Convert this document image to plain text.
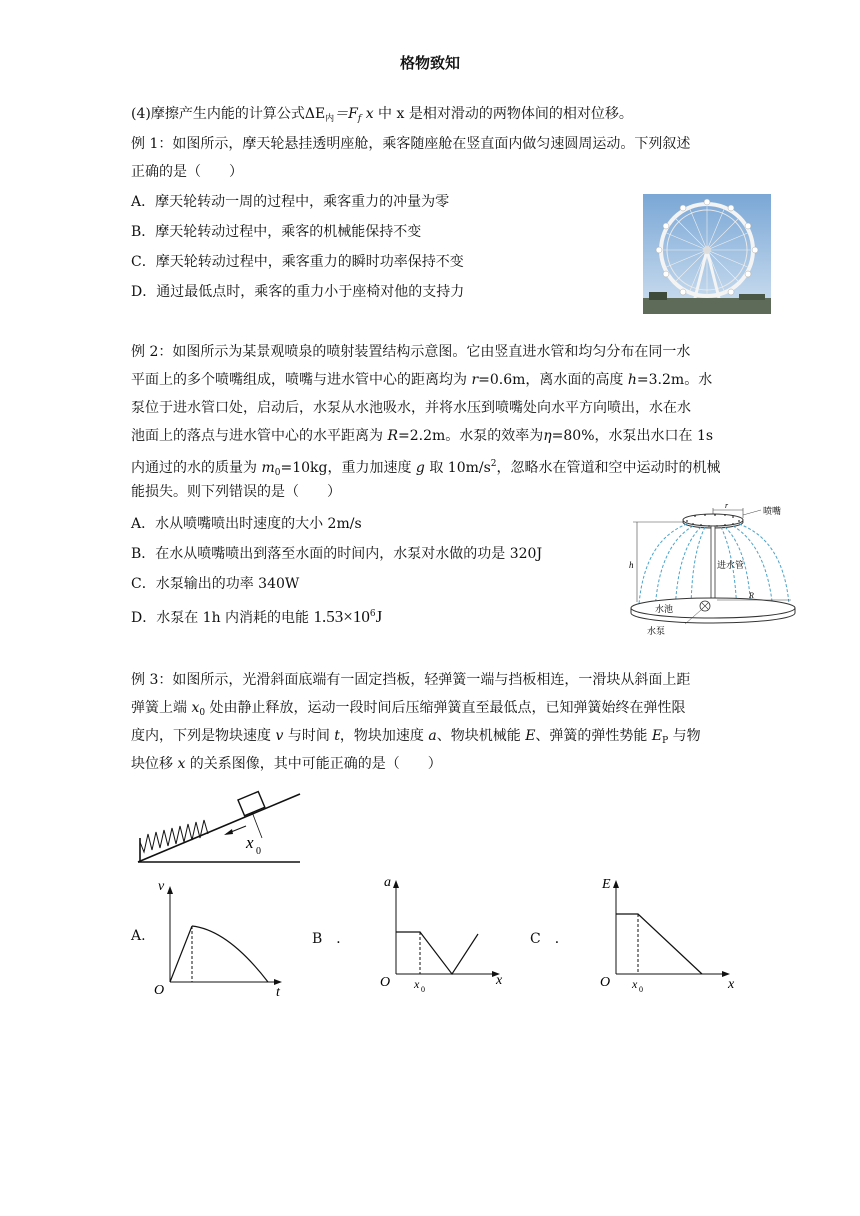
格物致知
(4)摩擦产生内能的计算公式$\Delta E_内=F_f$ x 中 x 是相对滑动的两物体间的相对位移。
例 1：如图所示，摩天轮悬挂透明座舱，乘客随座舱在竖直面内做匀速圆周运动。下列叙述
正确的是（　　）
A．摩天轮转动一周的过程中，乘客重力的冲量为零
B．摩天轮转动过程中，乘客的机械能保持不变
C．摩天轮转动过程中，乘客重力的瞬时功率保持不变
D．通过最低点时，乘客的重力小于座椅对他的支持力
例 2：如图所示为某景观喷泉的喷射装置结构示意图。它由竖直进水管和均匀分布在同一水
平面上的多个喷嘴组成，喷嘴与进水管中心的距离均为 r=0.6m，离水面的高度 h=3.2m。水
泵位于进水管口处，启动后，水泵从水池吸水，并将水压到喷嘴处向水平方向喷出，水在水
池面上的落点与进水管中心的水平距离为 R=2.2m。水泵的效率为η=80%，水泵出水口在 1s
内通过的水的质量为 $m_0=10kg$，重力加速度 g 取 $10m/s^2$，忽略水在管道和空中运动时的机械
能损失。则下列错误的是（　　）
A．水从喷嘴喷出时速度的大小 2m/s
B．在水从喷嘴喷出到落至水面的时间内，水泵对水做的功是 320J
C．水泵输出的功率 340W
D．水泵在 1h 内消耗的电能 $1.53\times 10^6J$
h
r
喷嘴
进水管
R
水池
水泵
例 3：如图所示，光滑斜面底端有一固定挡板，轻弹簧一端与挡板相连，一滑块从斜面上距
弹簧上端 $x_0$ 处由静止释放，运动一段时间后压缩弹簧直至最低点，已知弹簧始终在弹性限
度内，下列是物块速度 v 与时间 t，物块加速度 a、物块机械能 E、弹簧的弹性势能 $E_P$ 与物
块位移 x 的关系图像，其中可能正确的是（　　）
x 0
A.	B　．	C　．
v
t
O
a
x
O x 0
E
x
O x 0
